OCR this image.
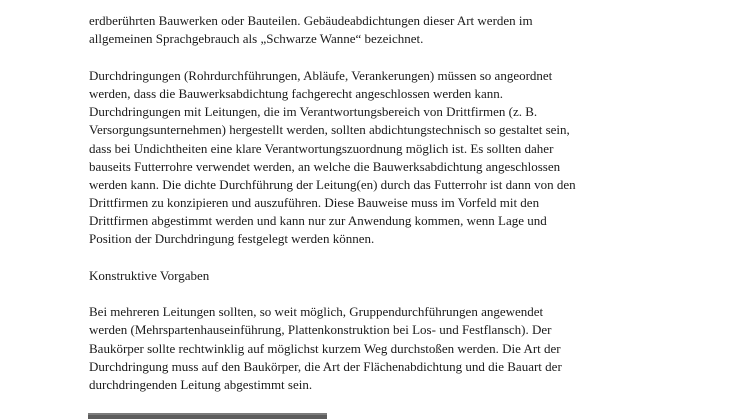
erdberührten Bauwerken oder Bauteilen. Gebäudeabdichtungen dieser Art werden im
allgemeinen Sprachgebrauch als „Schwarze Wanne“ bezeichnet.
Durchdringungen (Rohrdurchführungen, Abläufe, Verankerungen) müssen so angeordnet
werden, dass die Bauwerksabdichtung fachgerecht angeschlossen werden kann.
Durchdringungen mit Leitungen, die im Verantwortungsbereich von Drittfirmen (z. B.
Versorgungsunternehmen) hergestellt werden, sollten abdichtungstechnisch so gestaltet sein,
dass bei Undichtheiten eine klare Verantwortungszuordnung möglich ist. Es sollten daher
bauseits Futterrohre verwendet werden, an welche die Bauwerksabdichtung angeschlossen
werden kann. Die dichte Durchführung der Leitung(en) durch das Futterrohr ist dann von den
Drittfirmen zu konzipieren und auszuführen. Diese Bauweise muss im Vorfeld mit den
Drittfirmen abgestimmt werden und kann nur zur Anwendung kommen, wenn Lage und
Position der Durchdringung festgelegt werden können.
Konstruktive Vorgaben
Bei mehreren Leitungen sollten, so weit möglich, Gruppendurchführungen angewendet
werden (Mehrspartenhauseinführung, Plattenkonstruktion bei Los- und Festflansch). Der
Baukörper sollte rechtwinklig auf möglichst kurzem Weg durchstoßen werden. Die Art der
Durchdringung muss auf den Baukörper, die Art der Flächenabdichtung und die Bauart der
durchdringenden Leitung abgestimmt sein.
